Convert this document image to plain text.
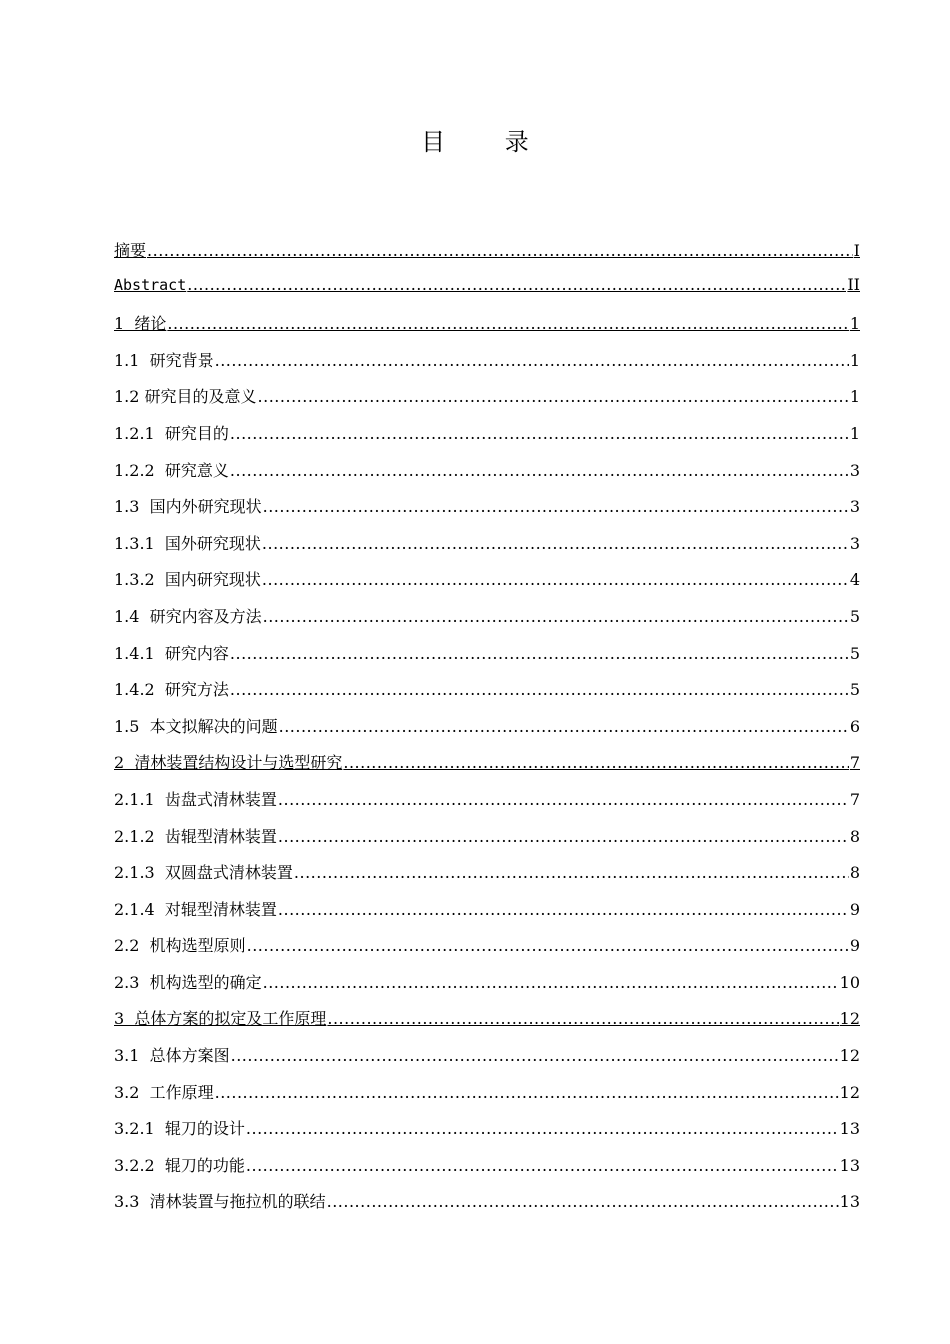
目 录
摘要 .....	I
Abstract .....	II
1  绪论 .....	1
1.1  研究背景 .....	1
1.2 研究目的及意义 .....	1
1.2.1  研究目的 .....	1
1.2.2  研究意义 .....	3
1.3  国内外研究现状 .....	3
1.3.1  国外研究现状 .....	3
1.3.2  国内研究现状 .....	4
1.4  研究内容及方法 .....	5
1.4.1  研究内容 .....	5
1.4.2  研究方法 .....	5
1.5  本文拟解决的问题 .....	6
2  清林装置结构设计与选型研究 .....	7
2.1.1  齿盘式清林装置 .....	7
2.1.2  齿辊型清林装置 .....	8
2.1.3  双圆盘式清林装置 .....	8
2.1.4  对辊型清林装置 .....	9
2.2  机构选型原则 .....	9
2.3  机构选型的确定 .....	10
3  总体方案的拟定及工作原理 .....	12
3.1  总体方案图 .....	12
3.2  工作原理 .....	12
3.2.1  辊刀的设计 .....	13
3.2.2  辊刀的功能 .....	13
3.3  清林装置与拖拉机的联结 .....	13
